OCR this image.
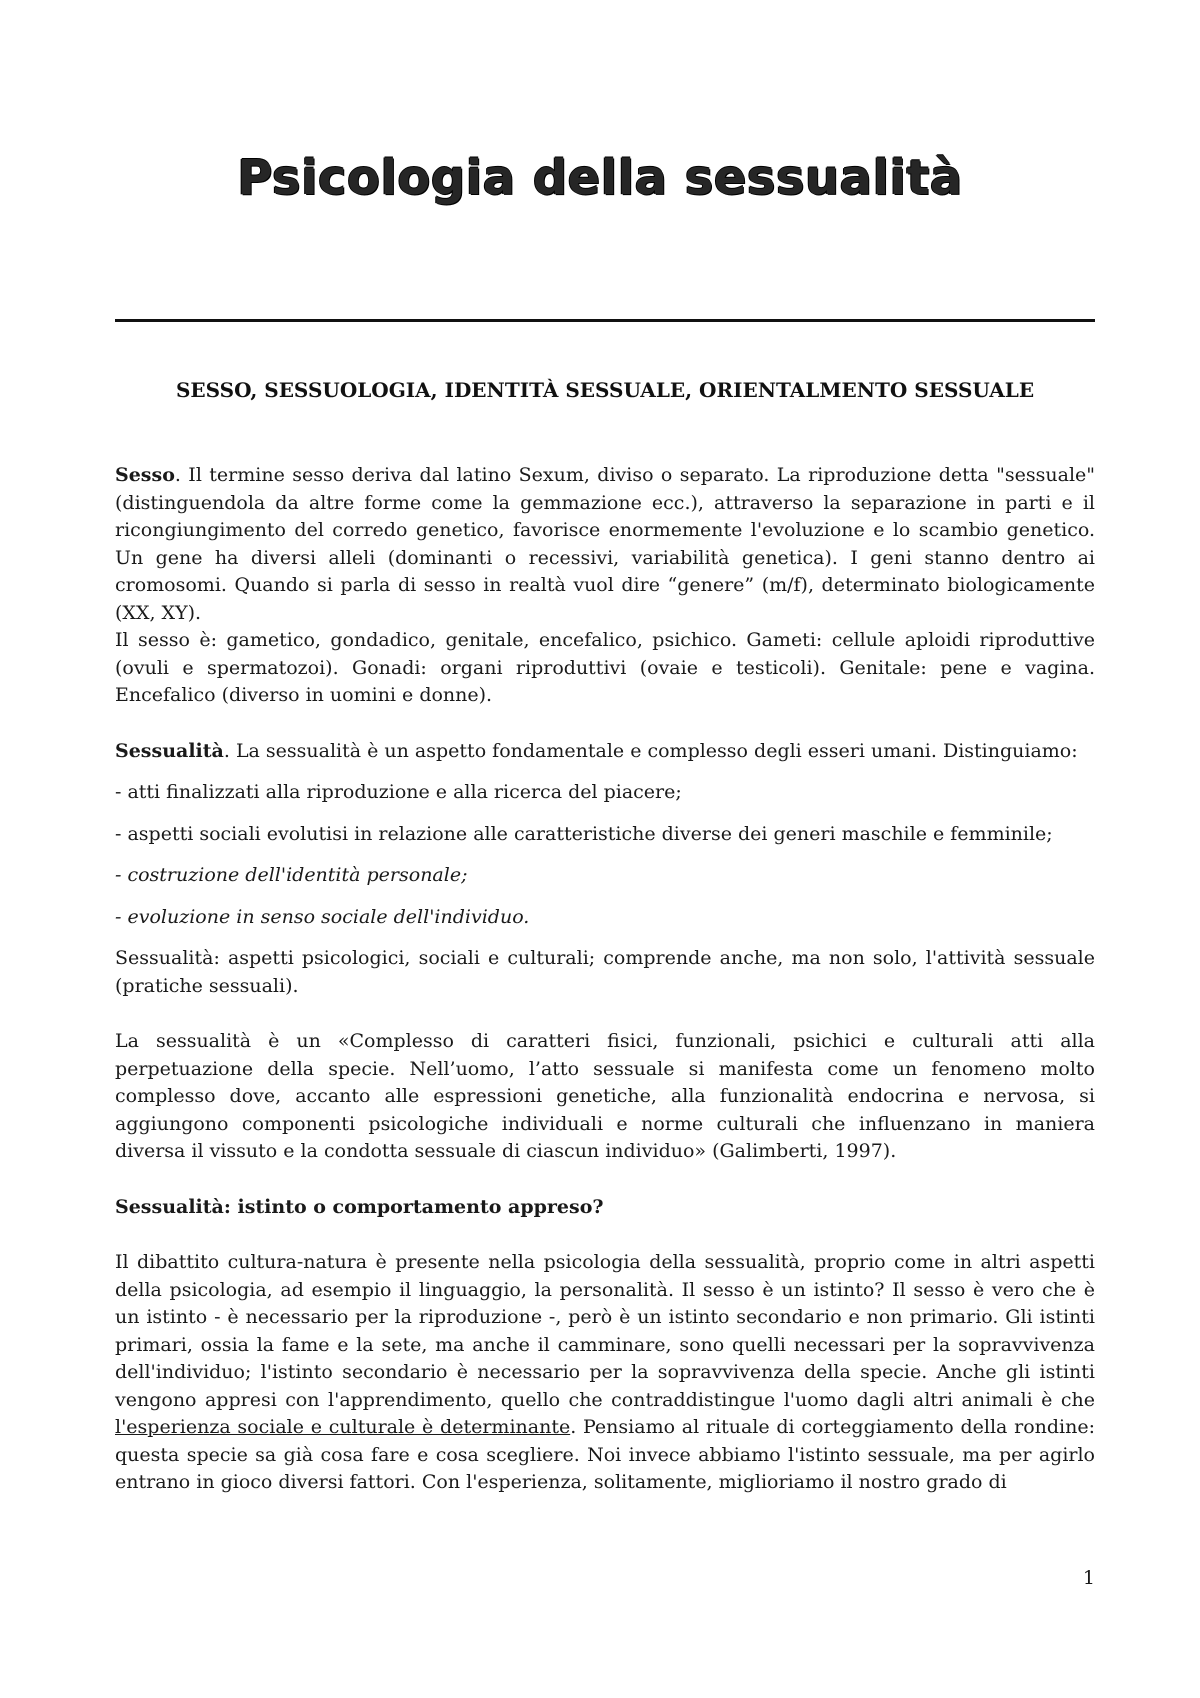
Psicologia della sessualità
SESSO, SESSUOLOGIA, IDENTITÀ SESSUALE, ORIENTALMENTO SESSUALE

Sesso. Il termine sesso deriva dal latino Sexum, diviso o separato. La riproduzione detta "sessuale" (distinguendola da altre forme come la gemmazione ecc.), attraverso la separazione in parti e il ricongiungimento del corredo genetico, favorisce enormemente l'evoluzione e lo scambio genetico. Un gene ha diversi alleli (dominanti o recessivi, variabilità genetica). I geni stanno dentro ai cromosomi. Quando si parla di sesso in realtà vuol dire “genere” (m/f), determinato biologicamente (XX, XY).

Il sesso è: gametico, gondadico, genitale, encefalico, psichico. Gameti: cellule aploidi riproduttive (ovuli e spermatozoi). Gonadi: organi riproduttivi (ovaie e testicoli). Genitale: pene e vagina. Encefalico (diverso in uomini e donne).

Sessualità. La sessualità è un aspetto fondamentale e complesso degli esseri umani. Distinguiamo:

- atti finalizzati alla riproduzione e alla ricerca del piacere;

- aspetti sociali evolutisi in relazione alle caratteristiche diverse dei generi maschile e femminile;

- costruzione dell'identità personale;

- evoluzione in senso sociale dell'individuo.

Sessualità: aspetti psicologici, sociali e culturali; comprende anche, ma non solo, l'attività sessuale (pratiche sessuali).

La sessualità è un «Complesso di caratteri fisici, funzionali, psichici e culturali atti alla perpetuazione della specie. Nell’uomo, l’atto sessuale si manifesta come un fenomeno molto complesso dove, accanto alle espressioni genetiche, alla funzionalità endocrina e nervosa, si aggiungono componenti psicologiche individuali e norme culturali che influenzano in maniera diversa il vissuto e la condotta sessuale di ciascun individuo» (Galimberti, 1997).

Sessualità: istinto o comportamento appreso?

Il dibattito cultura-natura è presente nella psicologia della sessualità, proprio come in altri aspetti della psicologia, ad esempio il linguaggio, la personalità. Il sesso è un istinto? Il sesso è vero che è un istinto - è necessario per la riproduzione -, però è un istinto secondario e non primario. Gli istinti primari, ossia la fame e la sete, ma anche il camminare, sono quelli necessari per la sopravvivenza dell'individuo; l'istinto secondario è necessario per la sopravvivenza della specie. Anche gli istinti vengono appresi con l'apprendimento, quello che contraddistingue l'uomo dagli altri animali è che l'esperienza sociale e culturale è determinante. Pensiamo al rituale di corteggiamento della rondine: questa specie sa già cosa fare e cosa scegliere. Noi invece abbiamo l'istinto sessuale, ma per agirlo entrano in gioco diversi fattori. Con l'esperienza, solitamente, miglioriamo il nostro grado di

1
